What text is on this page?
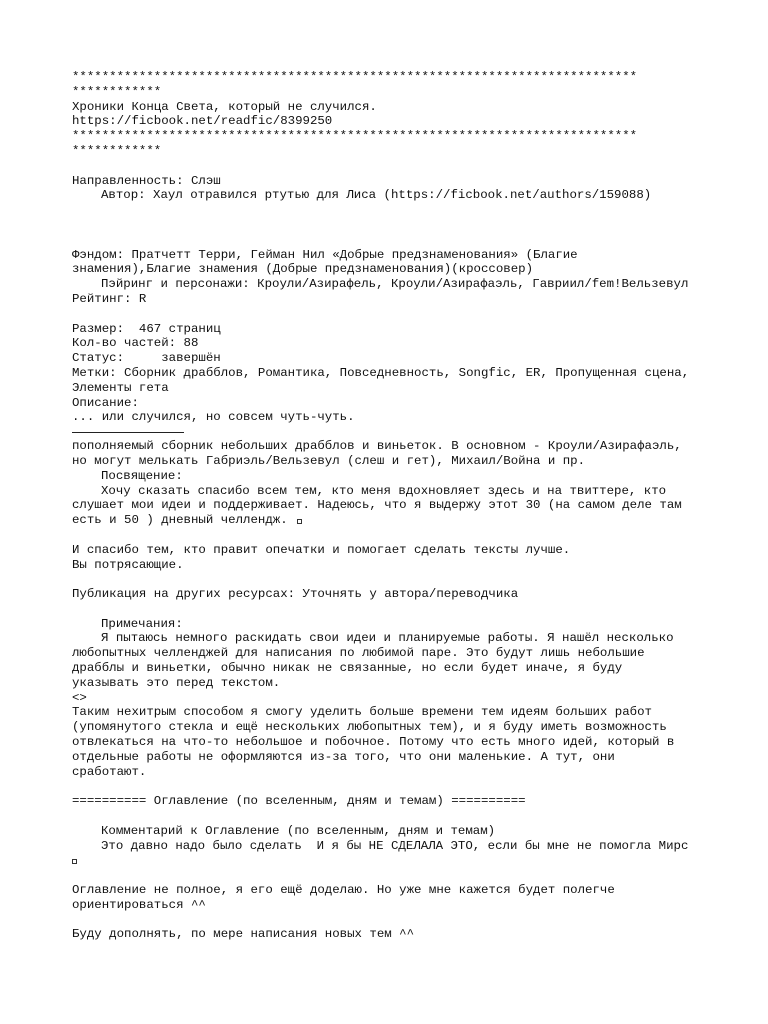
****************************************************************************
************
Хроники Конца Света, который не случился.
https://ficbook.net/readfic/8399250
****************************************************************************
************
Направленность: Слэш
Автор: Хаул отравился ртутью для Лиса (https://ficbook.net/authors/159088)
Фэндом: Пратчетт Терри, Гейман Нил «Добрые предзнаменования» (Благие
знамения),Благие знамения (Добрые предзнаменования)(кроссовер)
Пэйринг и персонажи: Кроули/Азирафель, Кроули/Азирафаэль, Гавриил/fem!Вельзевул
Рейтинг: R
Размер:  467 страниц
Кол-во частей: 88
Статус:     завершён
Метки: Сборник драбблов, Романтика, Повседневность, Songfic, ER, Пропущенная сцена,
Элементы гета
Описание:
... или случился, но совсем чуть-чуть.
пополняемый сборник небольших драбблов и виньеток. В основном - Кроули/Азирафаэль,
но могут мелькать Габриэль/Вельзевул (слеш и гет), Михаил/Война и пр.
Посвящение:
Хочу сказать спасибо всем тем, кто меня вдохновляет здесь и на твиттере, кто
слушает мои идеи и поддерживает. Надеюсь, что я выдержу этот 30 (на самом деле там
есть и 50 ) дневный челлендж.
И спасибо тем, кто правит опечатки и помогает сделать тексты лучше.
Вы потрясающие.
Публикация на других ресурсах: Уточнять у автора/переводчика
Примечания:
Я пытаюсь немного раскидать свои идеи и планируемые работы. Я нашёл несколько
любопытных челленджей для написания по любимой паре. Это будут лишь небольшие
драбблы и виньетки, обычно никак не связанные, но если будет иначе, я буду
указывать это перед текстом.
<>
Таким нехитрым способом я смогу уделить больше времени тем идеям больших работ
(упомянутого стекла и ещё нескольких любопытных тем), и я буду иметь возможность
отвлекаться на что-то небольшое и побочное. Потому что есть много идей, который в
отдельные работы не оформляются из-за того, что они маленькие. А тут, они
сработают.
========== Оглавление (по вселенным, дням и темам) ==========
Комментарий к Оглавление (по вселенным, дням и темам)
Это давно надо было сделать  И я бы НЕ СДЕЛАЛА ЭТО, если бы мне не помогла Мирс
Оглавление не полное, я его ещё доделаю. Но уже мне кажется будет полегче
ориентироваться ^^
Буду дополнять, по мере написания новых тем ^^
